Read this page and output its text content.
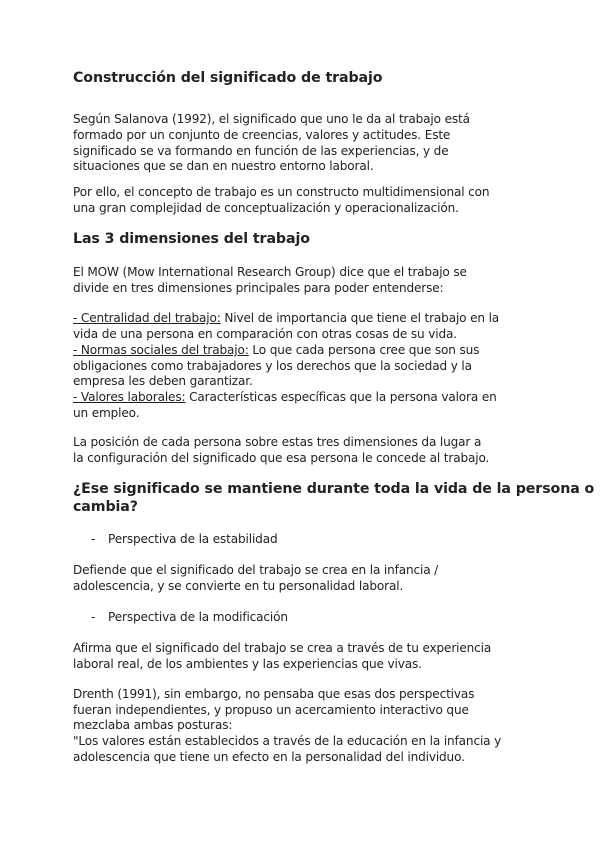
Construcción del significado de trabajo
Según Salanova (1992), el significado que uno le da al trabajo está
formado por un conjunto de creencias, valores y actitudes. Este
significado se va formando en función de las experiencias, y de
situaciones que se dan en nuestro entorno laboral.
Por ello, el concepto de trabajo es un constructo multidimensional con
una gran complejidad de conceptualización y operacionalización.
Las 3 dimensiones del trabajo
El MOW (Mow International Research Group) dice que el trabajo se
divide en tres dimensiones principales para poder entenderse:
- Centralidad del trabajo: Nivel de importancia que tiene el trabajo en la
vida de una persona en comparación con otras cosas de su vida.
- Normas sociales del trabajo: Lo que cada persona cree que son sus
obligaciones como trabajadores y los derechos que la sociedad y la
empresa les deben garantizar.
- Valores laborales: Características específicas que la persona valora en
un empleo.
La posición de cada persona sobre estas tres dimensiones da lugar a
la configuración del significado que esa persona le concede al trabajo.
¿Ese significado se mantiene durante toda la vida de la persona o
cambia?
- Perspectiva de la estabilidad
Defiende que el significado del trabajo se crea en la infancia /
adolescencia, y se convierte en tu personalidad laboral.
- Perspectiva de la modificación
Afirma que el significado del trabajo se crea a través de tu experiencia
laboral real, de los ambientes y las experiencias que vivas.
Drenth (1991), sin embargo, no pensaba que esas dos perspectivas
fueran independientes, y propuso un acercamiento interactivo que
mezclaba ambas posturas:
"Los valores están establecidos a través de la educación en la infancia y
adolescencia que tiene un efecto en la personalidad del individuo.
